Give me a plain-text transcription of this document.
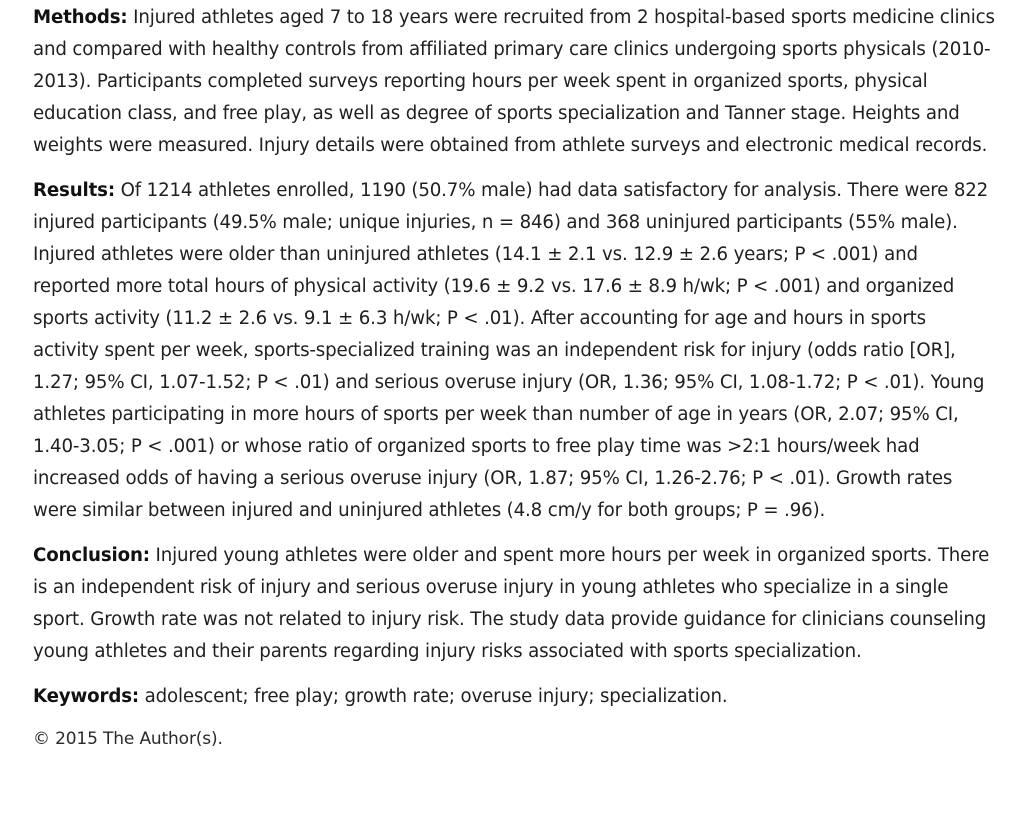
Methods: Injured athletes aged 7 to 18 years were recruited from 2 hospital-based sports medicine clinics and compared with healthy controls from affiliated primary care clinics undergoing sports physicals (2010-2013). Participants completed surveys reporting hours per week spent in organized sports, physical education class, and free play, as well as degree of sports specialization and Tanner stage. Heights and weights were measured. Injury details were obtained from athlete surveys and electronic medical records.

Results: Of 1214 athletes enrolled, 1190 (50.7% male) had data satisfactory for analysis. There were 822 injured participants (49.5% male; unique injuries, n = 846) and 368 uninjured participants (55% male). Injured athletes were older than uninjured athletes (14.1 ± 2.1 vs. 12.9 ± 2.6 years; P < .001) and reported more total hours of physical activity (19.6 ± 9.2 vs. 17.6 ± 8.9 h/wk; P < .001) and organized sports activity (11.2 ± 2.6 vs. 9.1 ± 6.3 h/wk; P < .01). After accounting for age and hours in sports activity spent per week, sports-specialized training was an independent risk for injury (odds ratio [OR], 1.27; 95% CI, 1.07-1.52; P < .01) and serious overuse injury (OR, 1.36; 95% CI, 1.08-1.72; P < .01). Young athletes participating in more hours of sports per week than number of age in years (OR, 2.07; 95% CI, 1.40-3.05; P < .001) or whose ratio of organized sports to free play time was >2:1 hours/week had increased odds of having a serious overuse injury (OR, 1.87; 95% CI, 1.26-2.76; P < .01). Growth rates were similar between injured and uninjured athletes (4.8 cm/y for both groups; P = .96).

Conclusion: Injured young athletes were older and spent more hours per week in organized sports. There is an independent risk of injury and serious overuse injury in young athletes who specialize in a single sport. Growth rate was not related to injury risk. The study data provide guidance for clinicians counseling young athletes and their parents regarding injury risks associated with sports specialization.

Keywords: adolescent; free play; growth rate; overuse injury; specialization.

© 2015 The Author(s).
